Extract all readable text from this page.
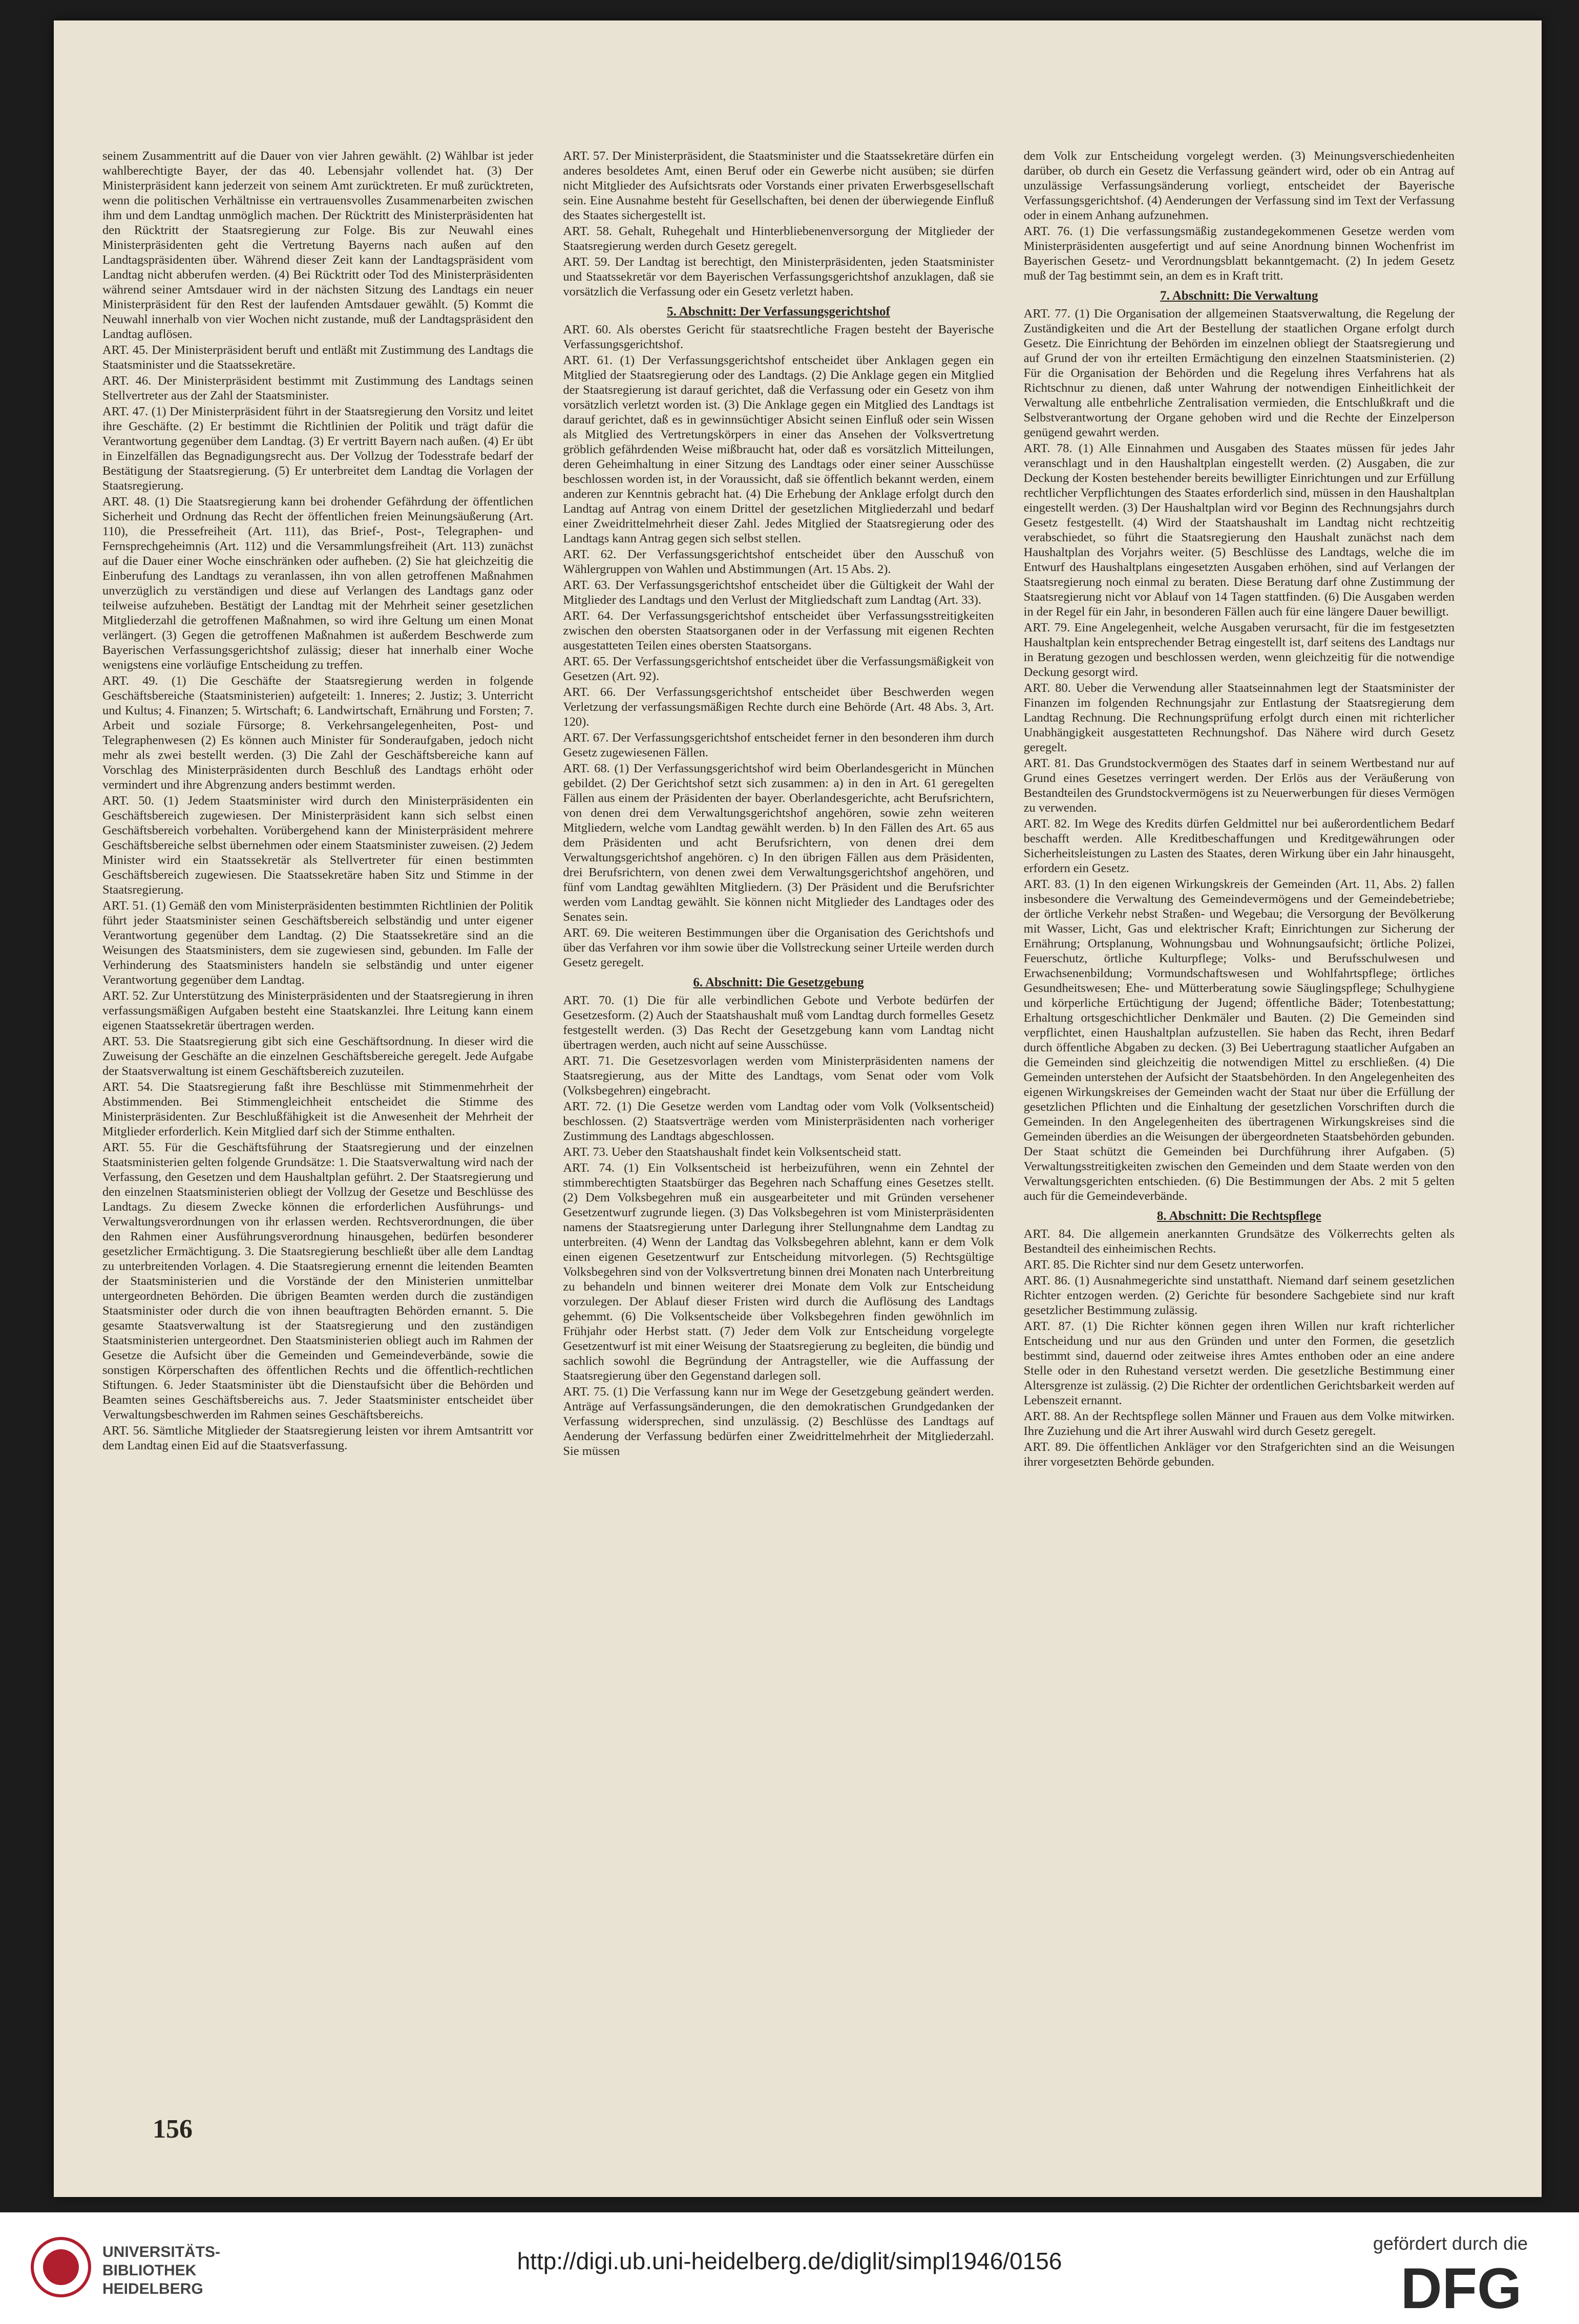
156

seinem Zusammentritt auf die Dauer von vier Jahren gewählt. (2) Wählbar ist jeder wahlberechtigte Bayer, der das 40. Lebensjahr vollendet hat. (3) Der Ministerpräsident kann jederzeit von seinem Amt zurücktreten. Er muß zurücktreten, wenn die politischen Verhältnisse ein vertrauensvolles Zusammenarbeiten zwischen ihm und dem Landtag unmöglich machen. Der Rücktritt des Ministerpräsidenten hat den Rücktritt der Staatsregierung zur Folge. Bis zur Neuwahl eines Ministerpräsidenten geht die Vertretung Bayerns nach außen auf den Landtagspräsidenten über. Während dieser Zeit kann der Landtagspräsident vom Landtag nicht abberufen werden. (4) Bei Rücktritt oder Tod des Ministerpräsidenten während seiner Amtsdauer wird in der nächsten Sitzung des Landtags ein neuer Ministerpräsident für den Rest der laufenden Amtsdauer gewählt. (5) Kommt die Neuwahl innerhalb von vier Wochen nicht zustande, muß der Landtagspräsident den Landtag auflösen.

ART. 45. Der Ministerpräsident beruft und entläßt mit Zustimmung des Landtags die Staatsminister und die Staatssekretäre.

ART. 46. Der Ministerpräsident bestimmt mit Zustimmung des Landtags seinen Stellvertreter aus der Zahl der Staatsminister.

ART. 47. (1) Der Ministerpräsident führt in der Staatsregierung den Vorsitz und leitet ihre Geschäfte. (2) Er bestimmt die Richtlinien der Politik und trägt dafür die Verantwortung gegenüber dem Landtag. (3) Er vertritt Bayern nach außen. (4) Er übt in Einzelfällen das Begnadigungsrecht aus. Der Vollzug der Todesstrafe bedarf der Bestätigung der Staatsregierung. (5) Er unterbreitet dem Landtag die Vorlagen der Staatsregierung.

ART. 48. (1) Die Staatsregierung kann bei drohender Gefährdung der öffentlichen Sicherheit und Ordnung das Recht der öffentlichen freien Meinungsäußerung (Art. 110), die Pressefreiheit (Art. 111), das Brief-, Post-, Telegraphen- und Fernsprechgeheimnis (Art. 112) und die Versammlungsfreiheit (Art. 113) zunächst auf die Dauer einer Woche einschränken oder aufheben. (2) Sie hat gleichzeitig die Einberufung des Landtags zu veranlassen, ihn von allen getroffenen Maßnahmen unverzüglich zu verständigen und diese auf Verlangen des Landtags ganz oder teilweise aufzuheben. Bestätigt der Landtag mit der Mehrheit seiner gesetzlichen Mitgliederzahl die getroffenen Maßnahmen, so wird ihre Geltung um einen Monat verlängert. (3) Gegen die getroffenen Maßnahmen ist außerdem Beschwerde zum Bayerischen Verfassungsgerichtshof zulässig; dieser hat innerhalb einer Woche wenigstens eine vorläufige Entscheidung zu treffen.

ART. 49. (1) Die Geschäfte der Staatsregierung werden in folgende Geschäftsbereiche (Staatsministerien) aufgeteilt: 1. Inneres; 2. Justiz; 3. Unterricht und Kultus; 4. Finanzen; 5. Wirtschaft; 6. Landwirtschaft, Ernährung und Forsten; 7. Arbeit und soziale Fürsorge; 8. Verkehrsangelegenheiten, Post- und Telegraphenwesen (2) Es können auch Minister für Sonderaufgaben, jedoch nicht mehr als zwei bestellt werden. (3) Die Zahl der Geschäftsbereiche kann auf Vorschlag des Ministerpräsidenten durch Beschluß des Landtags erhöht oder vermindert und ihre Abgrenzung anders bestimmt werden.

ART. 50. (1) Jedem Staatsminister wird durch den Ministerpräsidenten ein Geschäftsbereich zugewiesen. Der Ministerpräsident kann sich selbst einen Geschäftsbereich vorbehalten. Vorübergehend kann der Ministerpräsident mehrere Geschäftsbereiche selbst übernehmen oder einem Staatsminister zuweisen. (2) Jedem Minister wird ein Staatssekretär als Stellvertreter für einen bestimmten Geschäftsbereich zugewiesen. Die Staatssekretäre haben Sitz und Stimme in der Staatsregierung.

ART. 51. (1) Gemäß den vom Ministerpräsidenten bestimmten Richtlinien der Politik führt jeder Staatsminister seinen Geschäftsbereich selbständig und unter eigener Verantwortung gegenüber dem Landtag. (2) Die Staatssekretäre sind an die Weisungen des Staatsministers, dem sie zugewiesen sind, gebunden. Im Falle der Verhinderung des Staatsministers handeln sie selbständig und unter eigener Verantwortung gegenüber dem Landtag.

ART. 52. Zur Unterstützung des Ministerpräsidenten und der Staatsregierung in ihren verfassungsmäßigen Aufgaben besteht eine Staatskanzlei. Ihre Leitung kann einem eigenen Staatssekretär übertragen werden.

ART. 53. Die Staatsregierung gibt sich eine Geschäftsordnung. In dieser wird die Zuweisung der Geschäfte an die einzelnen Geschäftsbereiche geregelt. Jede Aufgabe der Staatsverwaltung ist einem Geschäftsbereich zuzuteilen.

ART. 54. Die Staatsregierung faßt ihre Beschlüsse mit Stimmenmehrheit der Abstimmenden. Bei Stimmengleichheit entscheidet die Stimme des Ministerpräsidenten. Zur Beschlußfähigkeit ist die Anwesenheit der Mehrheit der Mitglieder erforderlich. Kein Mitglied darf sich der Stimme enthalten.

ART. 55. Für die Geschäftsführung der Staatsregierung und der einzelnen Staatsministerien gelten folgende Grundsätze: 1. Die Staatsverwaltung wird nach der Verfassung, den Gesetzen und dem Haushaltplan geführt. 2. Der Staatsregierung und den einzelnen Staatsministerien obliegt der Vollzug der Gesetze und Beschlüsse des Landtags. Zu diesem Zwecke können die erforderlichen Ausführungs- und Verwaltungsverordnungen von ihr erlassen werden. Rechtsverordnungen, die über den Rahmen einer Ausführungsverordnung hinausgehen, bedürfen besonderer gesetzlicher Ermächtigung. 3. Die Staatsregierung beschließt über alle dem Landtag zu unterbreitenden Vorlagen. 4. Die Staatsregierung ernennt die leitenden Beamten der Staatsministerien und die Vorstände der den Ministerien unmittelbar untergeordneten Behörden. Die übrigen Beamten werden durch die zuständigen Staatsminister oder durch die von ihnen beauftragten Behörden ernannt. 5. Die gesamte Staatsverwaltung ist der Staatsregierung und den zuständigen Staatsministerien untergeordnet. Den Staatsministerien obliegt auch im Rahmen der Gesetze die Aufsicht über die Gemeinden und Gemeindeverbände, sowie die sonstigen Körperschaften des öffentlichen Rechts und die öffentlich-rechtlichen Stiftungen. 6. Jeder Staatsminister übt die Dienstaufsicht über die Behörden und Beamten seines Geschäftsbereichs aus. 7. Jeder Staatsminister entscheidet über Verwaltungsbeschwerden im Rahmen seines Geschäftsbereichs.

ART. 56. Sämtliche Mitglieder der Staatsregierung leisten vor ihrem Amtsantritt vor dem Landtag einen Eid auf die Staatsverfassung.

ART. 57. Der Ministerpräsident, die Staatsminister und die Staatssekretäre dürfen ein anderes besoldetes Amt, einen Beruf oder ein Gewerbe nicht ausüben; sie dürfen nicht Mitglieder des Aufsichtsrats oder Vorstands einer privaten Erwerbsgesellschaft sein. Eine Ausnahme besteht für Gesellschaften, bei denen der überwiegende Einfluß des Staates sichergestellt ist.

ART. 58. Gehalt, Ruhegehalt und Hinterbliebenenversorgung der Mitglieder der Staatsregierung werden durch Gesetz geregelt.

ART. 59. Der Landtag ist berechtigt, den Ministerpräsidenten, jeden Staatsminister und Staatssekretär vor dem Bayerischen Verfassungsgerichtshof anzuklagen, daß sie vorsätzlich die Verfassung oder ein Gesetz verletzt haben.

5. Abschnitt: Der Verfassungsgerichtshof

ART. 60. Als oberstes Gericht für staatsrechtliche Fragen besteht der Bayerische Verfassungsgerichtshof.

ART. 61. (1) Der Verfassungsgerichtshof entscheidet über Anklagen gegen ein Mitglied der Staatsregierung oder des Landtags. (2) Die Anklage gegen ein Mitglied der Staatsregierung ist darauf gerichtet, daß die Verfassung oder ein Gesetz von ihm vorsätzlich verletzt worden ist. (3) Die Anklage gegen ein Mitglied des Landtags ist darauf gerichtet, daß es in gewinnsüchtiger Absicht seinen Einfluß oder sein Wissen als Mitglied des Vertretungskörpers in einer das Ansehen der Volksvertretung gröblich gefährdenden Weise mißbraucht hat, oder daß es vorsätzlich Mitteilungen, deren Geheimhaltung in einer Sitzung des Landtags oder einer seiner Ausschüsse beschlossen worden ist, in der Voraussicht, daß sie öffentlich bekannt werden, einem anderen zur Kenntnis gebracht hat. (4) Die Erhebung der Anklage erfolgt durch den Landtag auf Antrag von einem Drittel der gesetzlichen Mitgliederzahl und bedarf einer Zweidrittelmehrheit dieser Zahl. Jedes Mitglied der Staatsregierung oder des Landtags kann Antrag gegen sich selbst stellen.

ART. 62. Der Verfassungsgerichtshof entscheidet über den Ausschuß von Wählergruppen von Wahlen und Abstimmungen (Art. 15 Abs. 2).

ART. 63. Der Verfassungsgerichtshof entscheidet über die Gültigkeit der Wahl der Mitglieder des Landtags und den Verlust der Mitgliedschaft zum Landtag (Art. 33).

ART. 64. Der Verfassungsgerichtshof entscheidet über Verfassungsstreitigkeiten zwischen den obersten Staatsorganen oder in der Verfassung mit eigenen Rechten ausgestatteten Teilen eines obersten Staatsorgans.

ART. 65. Der Verfassungsgerichtshof entscheidet über die Verfassungsmäßigkeit von Gesetzen (Art. 92).

ART. 66. Der Verfassungsgerichtshof entscheidet über Beschwerden wegen Verletzung der verfassungsmäßigen Rechte durch eine Behörde (Art. 48 Abs. 3, Art. 120).

ART. 67. Der Verfassungsgerichtshof entscheidet ferner in den besonderen ihm durch Gesetz zugewiesenen Fällen.

ART. 68. (1) Der Verfassungsgerichtshof wird beim Oberlandesgericht in München gebildet. (2) Der Gerichtshof setzt sich zusammen: a) in den in Art. 61 geregelten Fällen aus einem der Präsidenten der bayer. Oberlandesgerichte, acht Berufsrichtern, von denen drei dem Verwaltungsgerichtshof angehören, sowie zehn weiteren Mitgliedern, welche vom Landtag gewählt werden. b) In den Fällen des Art. 65 aus dem Präsidenten und acht Berufsrichtern, von denen drei dem Verwaltungsgerichtshof angehören. c) In den übrigen Fällen aus dem Präsidenten, drei Berufsrichtern, von denen zwei dem Verwaltungsgerichtshof angehören, und fünf vom Landtag gewählten Mitgliedern. (3) Der Präsident und die Berufsrichter werden vom Landtag gewählt. Sie können nicht Mitglieder des Landtages oder des Senates sein.

ART. 69. Die weiteren Bestimmungen über die Organisation des Gerichtshofs und über das Verfahren vor ihm sowie über die Vollstreckung seiner Urteile werden durch Gesetz geregelt.

6. Abschnitt: Die Gesetzgebung

ART. 70. (1) Die für alle verbindlichen Gebote und Verbote bedürfen der Gesetzesform. (2) Auch der Staatshaushalt muß vom Landtag durch formelles Gesetz festgestellt werden. (3) Das Recht der Gesetzgebung kann vom Landtag nicht übertragen werden, auch nicht auf seine Ausschüsse.

ART. 71. Die Gesetzesvorlagen werden vom Ministerpräsidenten namens der Staatsregierung, aus der Mitte des Landtags, vom Senat oder vom Volk (Volksbegehren) eingebracht.

ART. 72. (1) Die Gesetze werden vom Landtag oder vom Volk (Volksentscheid) beschlossen. (2) Staatsverträge werden vom Ministerpräsidenten nach vorheriger Zustimmung des Landtags abgeschlossen.

ART. 73. Ueber den Staatshaushalt findet kein Volksentscheid statt.

ART. 74. (1) Ein Volksentscheid ist herbeizuführen, wenn ein Zehntel der stimmberechtigten Staatsbürger das Begehren nach Schaffung eines Gesetzes stellt. (2) Dem Volksbegehren muß ein ausgearbeiteter und mit Gründen versehener Gesetzentwurf zugrunde liegen. (3) Das Volksbegehren ist vom Ministerpräsidenten namens der Staatsregierung unter Darlegung ihrer Stellungnahme dem Landtag zu unterbreiten. (4) Wenn der Landtag das Volksbegehren ablehnt, kann er dem Volk einen eigenen Gesetzentwurf zur Entscheidung mitvorlegen. (5) Rechtsgültige Volksbegehren sind von der Volksvertretung binnen drei Monaten nach Unterbreitung zu behandeln und binnen weiterer drei Monate dem Volk zur Entscheidung vorzulegen. Der Ablauf dieser Fristen wird durch die Auflösung des Landtags gehemmt. (6) Die Volksentscheide über Volksbegehren finden gewöhnlich im Frühjahr oder Herbst statt. (7) Jeder dem Volk zur Entscheidung vorgelegte Gesetzentwurf ist mit einer Weisung der Staatsregierung zu begleiten, die bündig und sachlich sowohl die Begründung der Antragsteller, wie die Auffassung der Staatsregierung über den Gegenstand darlegen soll.

ART. 75. (1) Die Verfassung kann nur im Wege der Gesetzgebung geändert werden. Anträge auf Verfassungsänderungen, die den demokratischen Grundgedanken der Verfassung widersprechen, sind unzulässig. (2) Beschlüsse des Landtags auf Aenderung der Verfassung bedürfen einer Zweidrittelmehrheit der Mitgliederzahl. Sie müssen

dem Volk zur Entscheidung vorgelegt werden. (3) Meinungsverschiedenheiten darüber, ob durch ein Gesetz die Verfassung geändert wird, oder ob ein Antrag auf unzulässige Verfassungsänderung vorliegt, entscheidet der Bayerische Verfassungsgerichtshof. (4) Aenderungen der Verfassung sind im Text der Verfassung oder in einem Anhang aufzunehmen.

ART. 76. (1) Die verfassungsmäßig zustandegekommenen Gesetze werden vom Ministerpräsidenten ausgefertigt und auf seine Anordnung binnen Wochenfrist im Bayerischen Gesetz- und Verordnungsblatt bekanntgemacht. (2) In jedem Gesetz muß der Tag bestimmt sein, an dem es in Kraft tritt.

7. Abschnitt: Die Verwaltung

ART. 77. (1) Die Organisation der allgemeinen Staatsverwaltung, die Regelung der Zuständigkeiten und die Art der Bestellung der staatlichen Organe erfolgt durch Gesetz. Die Einrichtung der Behörden im einzelnen obliegt der Staatsregierung und auf Grund der von ihr erteilten Ermächtigung den einzelnen Staatsministerien. (2) Für die Organisation der Behörden und die Regelung ihres Verfahrens hat als Richtschnur zu dienen, daß unter Wahrung der notwendigen Einheitlichkeit der Verwaltung alle entbehrliche Zentralisation vermieden, die Entschlußkraft und die Selbstverantwortung der Organe gehoben wird und die Rechte der Einzelperson genügend gewahrt werden.

ART. 78. (1) Alle Einnahmen und Ausgaben des Staates müssen für jedes Jahr veranschlagt und in den Haushaltplan eingestellt werden. (2) Ausgaben, die zur Deckung der Kosten bestehender bereits bewilligter Einrichtungen und zur Erfüllung rechtlicher Verpflichtungen des Staates erforderlich sind, müssen in den Haushaltplan eingestellt werden. (3) Der Haushaltplan wird vor Beginn des Rechnungsjahrs durch Gesetz festgestellt. (4) Wird der Staatshaushalt im Landtag nicht rechtzeitig verabschiedet, so führt die Staatsregierung den Haushalt zunächst nach dem Haushaltplan des Vorjahrs weiter. (5) Beschlüsse des Landtags, welche die im Entwurf des Haushaltplans eingesetzten Ausgaben erhöhen, sind auf Verlangen der Staatsregierung noch einmal zu beraten. Diese Beratung darf ohne Zustimmung der Staatsregierung nicht vor Ablauf von 14 Tagen stattfinden. (6) Die Ausgaben werden in der Regel für ein Jahr, in besonderen Fällen auch für eine längere Dauer bewilligt.

ART. 79. Eine Angelegenheit, welche Ausgaben verursacht, für die im festgesetzten Haushaltplan kein entsprechender Betrag eingestellt ist, darf seitens des Landtags nur in Beratung gezogen und beschlossen werden, wenn gleichzeitig für die notwendige Deckung gesorgt wird.

ART. 80. Ueber die Verwendung aller Staatseinnahmen legt der Staatsminister der Finanzen im folgenden Rechnungsjahr zur Entlastung der Staatsregierung dem Landtag Rechnung. Die Rechnungsprüfung erfolgt durch einen mit richterlicher Unabhängigkeit ausgestatteten Rechnungshof. Das Nähere wird durch Gesetz geregelt.

ART. 81. Das Grundstockvermögen des Staates darf in seinem Wertbestand nur auf Grund eines Gesetzes verringert werden. Der Erlös aus der Veräußerung von Bestandteilen des Grundstockvermögens ist zu Neuerwerbungen für dieses Vermögen zu verwenden.

ART. 82. Im Wege des Kredits dürfen Geldmittel nur bei außerordentlichem Bedarf beschafft werden. Alle Kreditbeschaffungen und Kreditgewährungen oder Sicherheitsleistungen zu Lasten des Staates, deren Wirkung über ein Jahr hinausgeht, erfordern ein Gesetz.

ART. 83. (1) In den eigenen Wirkungskreis der Gemeinden (Art. 11, Abs. 2) fallen insbesondere die Verwaltung des Gemeindevermögens und der Gemeindebetriebe; der örtliche Verkehr nebst Straßen- und Wegebau; die Versorgung der Bevölkerung mit Wasser, Licht, Gas und elektrischer Kraft; Einrichtungen zur Sicherung der Ernährung; Ortsplanung, Wohnungsbau und Wohnungsaufsicht; örtliche Polizei, Feuerschutz, örtliche Kulturpflege; Volks- und Berufsschulwesen und Erwachsenenbildung; Vormundschaftswesen und Wohlfahrtspflege; örtliches Gesundheitswesen; Ehe- und Mütterberatung sowie Säuglingspflege; Schulhygiene und körperliche Ertüchtigung der Jugend; öffentliche Bäder; Totenbestattung; Erhaltung ortsgeschichtlicher Denkmäler und Bauten. (2) Die Gemeinden sind verpflichtet, einen Haushaltplan aufzustellen. Sie haben das Recht, ihren Bedarf durch öffentliche Abgaben zu decken. (3) Bei Uebertragung staatlicher Aufgaben an die Gemeinden sind gleichzeitig die notwendigen Mittel zu erschließen. (4) Die Gemeinden unterstehen der Aufsicht der Staatsbehörden. In den Angelegenheiten des eigenen Wirkungskreises der Gemeinden wacht der Staat nur über die Erfüllung der gesetzlichen Pflichten und die Einhaltung der gesetzlichen Vorschriften durch die Gemeinden. In den Angelegenheiten des übertragenen Wirkungskreises sind die Gemeinden überdies an die Weisungen der übergeordneten Staatsbehörden gebunden. Der Staat schützt die Gemeinden bei Durchführung ihrer Aufgaben. (5) Verwaltungsstreitigkeiten zwischen den Gemeinden und dem Staate werden von den Verwaltungsgerichten entschieden. (6) Die Bestimmungen der Abs. 2 mit 5 gelten auch für die Gemeindeverbände.

8. Abschnitt: Die Rechtspflege

ART. 84. Die allgemein anerkannten Grundsätze des Völkerrechts gelten als Bestandteil des einheimischen Rechts.

ART. 85. Die Richter sind nur dem Gesetz unterworfen.

ART. 86. (1) Ausnahmegerichte sind unstatthaft. Niemand darf seinem gesetzlichen Richter entzogen werden. (2) Gerichte für besondere Sachgebiete sind nur kraft gesetzlicher Bestimmung zulässig.

ART. 87. (1) Die Richter können gegen ihren Willen nur kraft richterlicher Entscheidung und nur aus den Gründen und unter den Formen, die gesetzlich bestimmt sind, dauernd oder zeitweise ihres Amtes enthoben oder an eine andere Stelle oder in den Ruhestand versetzt werden. Die gesetzliche Bestimmung einer Altersgrenze ist zulässig. (2) Die Richter der ordentlichen Gerichtsbarkeit werden auf Lebenszeit ernannt.

ART. 88. An der Rechtspflege sollen Männer und Frauen aus dem Volke mitwirken. Ihre Zuziehung und die Art ihrer Auswahl wird durch Gesetz geregelt.

ART. 89. Die öffentlichen Ankläger vor den Strafgerichten sind an die Weisungen ihrer vorgesetzten Behörde gebunden.

UNIVERSITÄTS-
BIBLIOTHEK
HEIDELBERG
http://digi.ub.uni-heidelberg.de/diglit/simpl1946/0156
gefördert durch die
DFG
